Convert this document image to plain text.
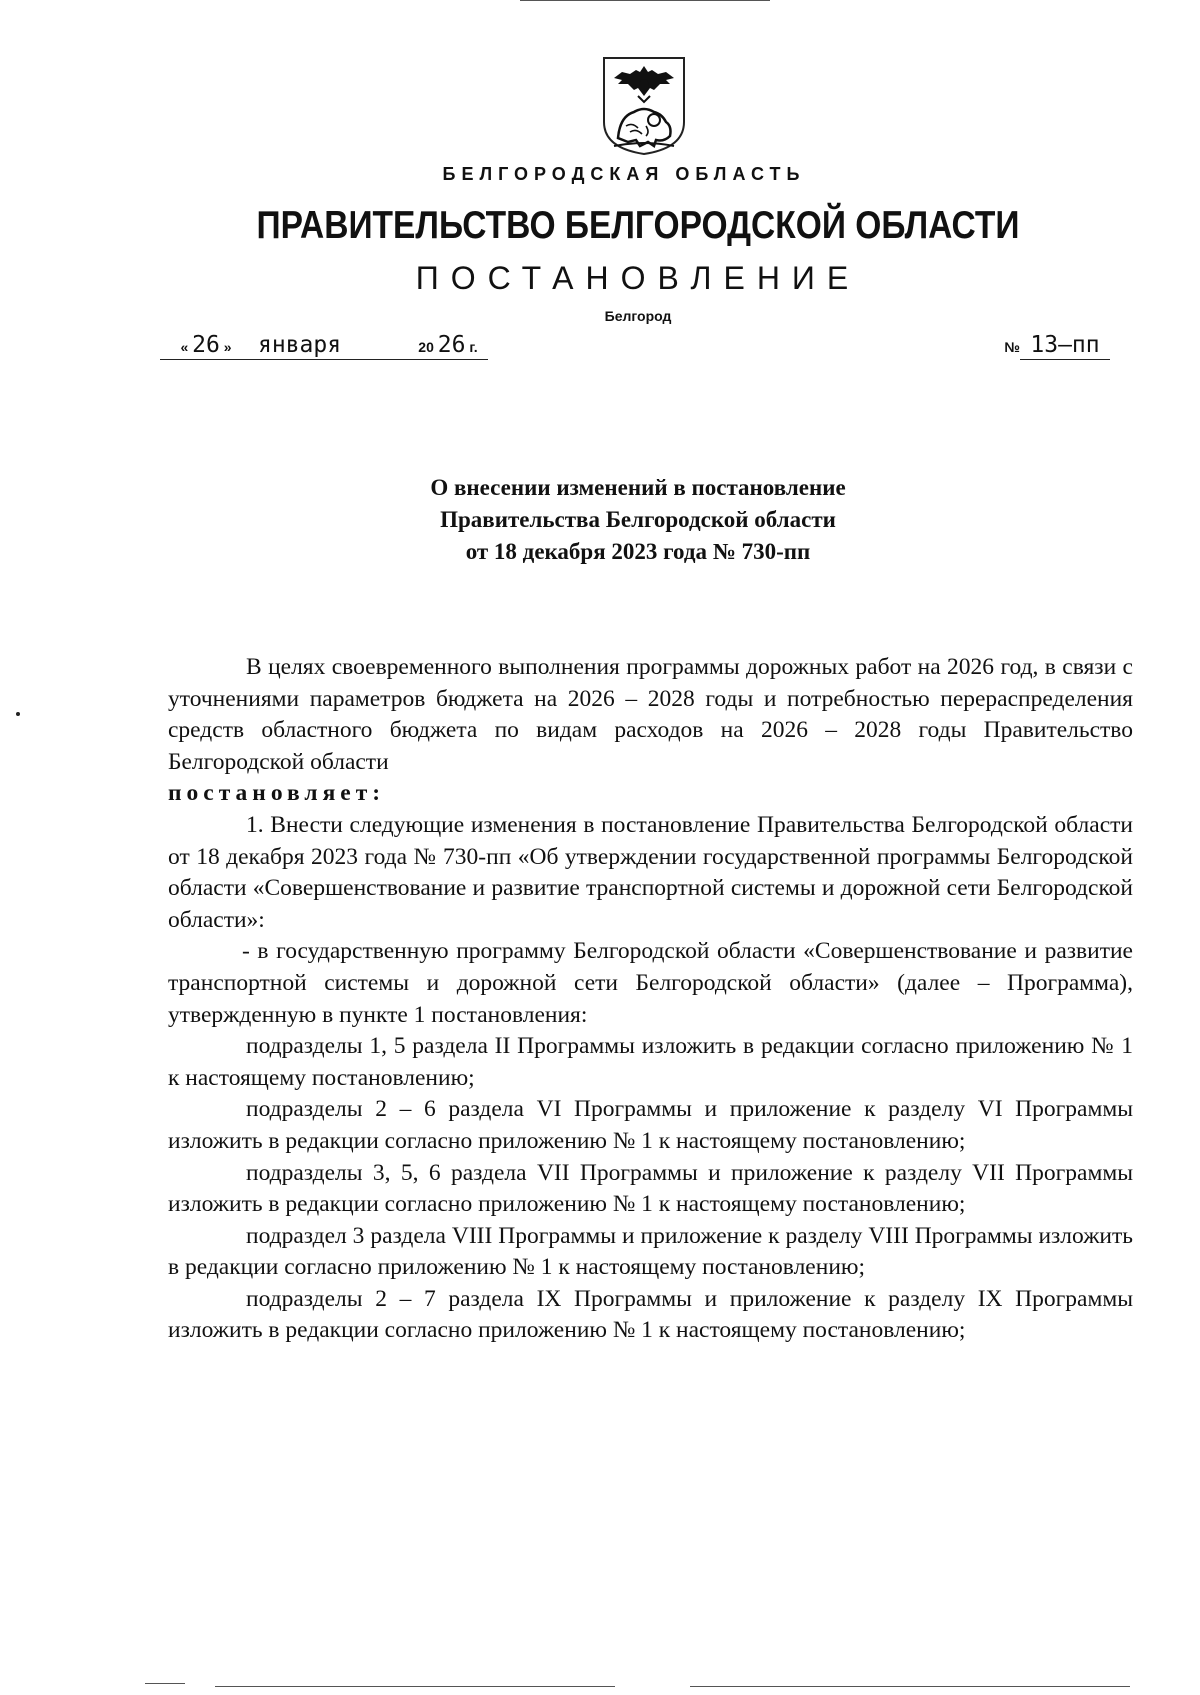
БЕЛГОРОДСКАЯ ОБЛАСТЬ
ПРАВИТЕЛЬСТВО БЕЛГОРОДСКОЙ ОБЛАСТИ
ПОСТАНОВЛЕНИЕ
Белгород
« 26 » января	20 26 г.	№ 13–пп
О внесении изменений в постановление
Правительства Белгородской области
от 18 декабря 2023 года № 730-пп

В целях своевременного выполнения программы дорожных работ на 2026 год, в связи с уточнениями параметров бюджета на 2026 – 2028 годы и потребностью перераспределения средств областного бюджета по видам расходов на 2026 – 2028 годы Правительство Белгородской области

постановляет:

1. Внести следующие изменения в постановление Правительства Белгородской области от 18 декабря 2023 года № 730-пп «Об утверждении государственной программы Белгородской области «Совершенствование и развитие транспортной системы и дорожной сети Белгородской области»:

- в государственную программу Белгородской области «Совершенствование и развитие транспортной системы и дорожной сети Белгородской области» (далее – Программа), утвержденную в пункте 1 постановления:

подразделы 1, 5 раздела II Программы изложить в редакции согласно приложению № 1 к настоящему постановлению;

подразделы 2 – 6 раздела VI Программы и приложение к разделу VI Программы изложить в редакции согласно приложению № 1 к настоящему постановлению;

подразделы 3, 5, 6 раздела VII Программы и приложение к разделу VII Программы изложить в редакции согласно приложению № 1 к настоящему постановлению;

подраздел 3 раздела VIII Программы и приложение к разделу VIII Программы изложить в редакции согласно приложению № 1 к настоящему постановлению;

подразделы 2 – 7 раздела IX Программы и приложение к разделу IX Программы изложить в редакции согласно приложению № 1 к настоящему постановлению;
